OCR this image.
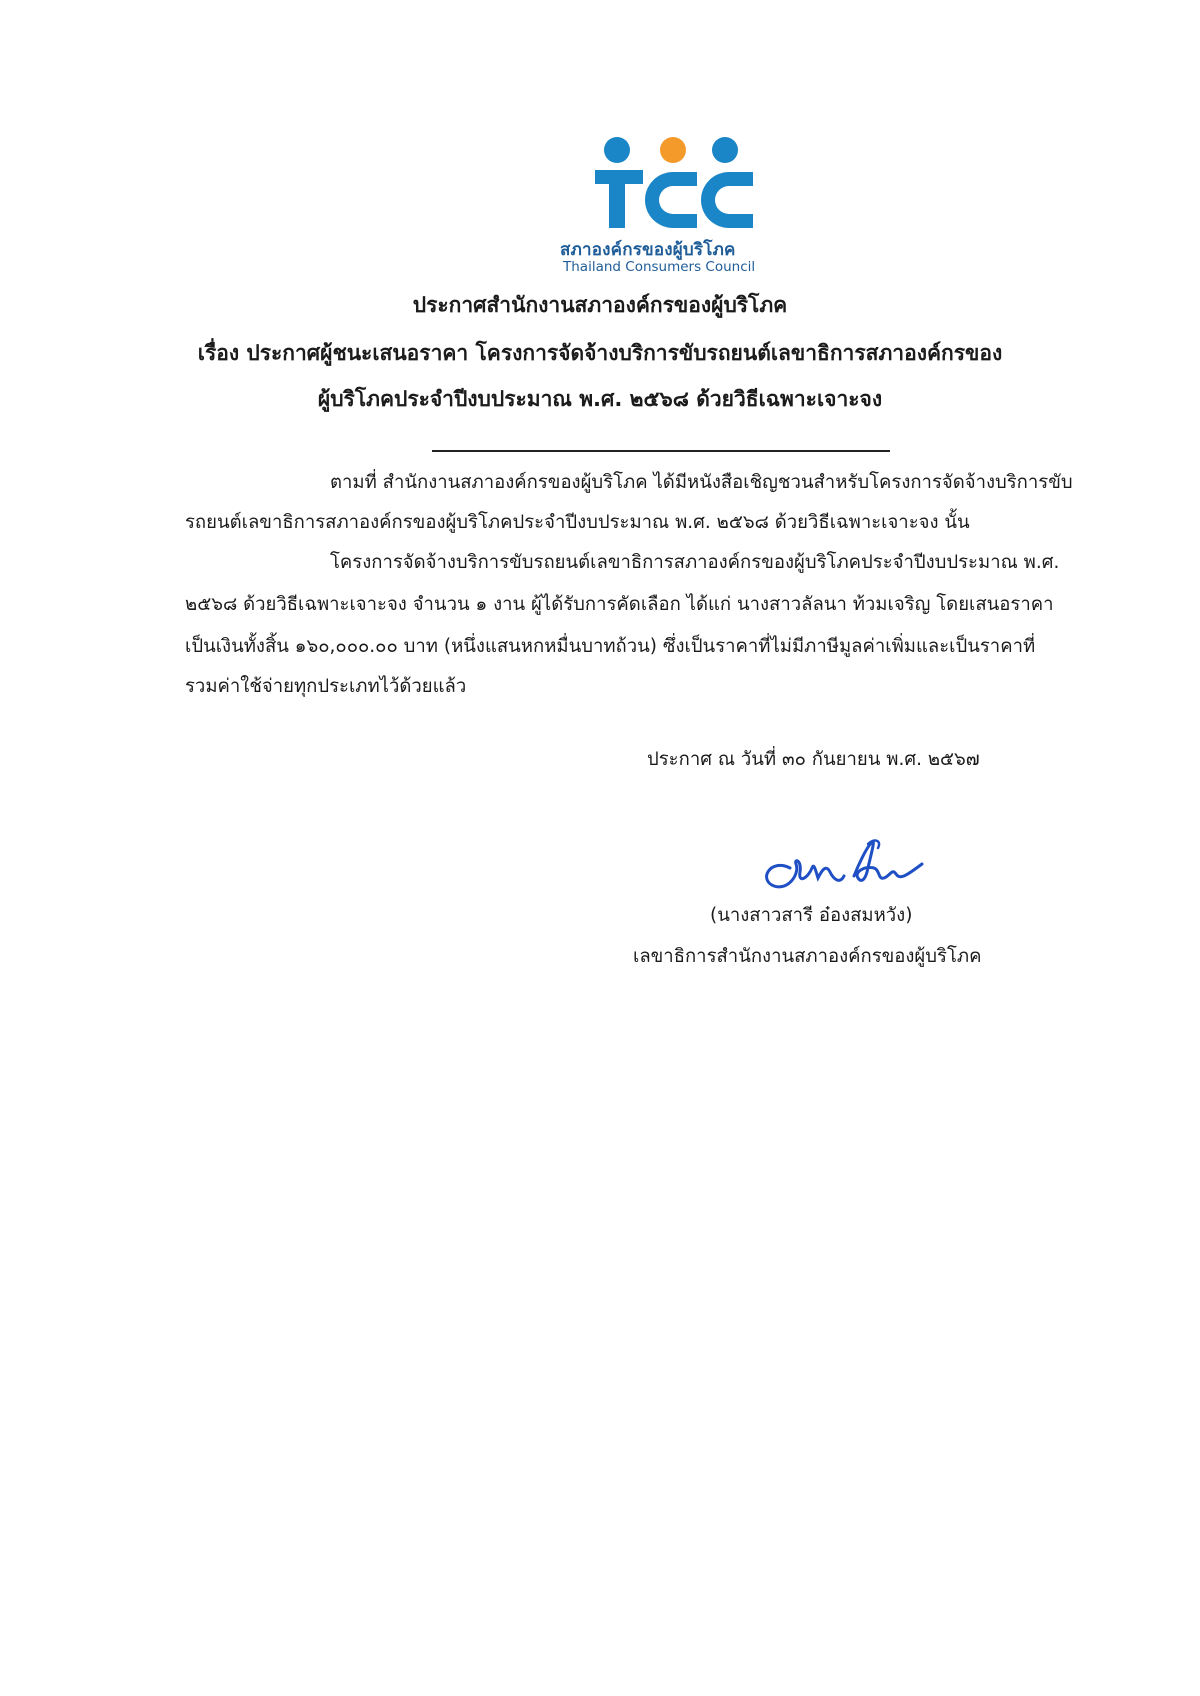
สภาองค์กรของผู้บริโภค
Thailand Consumers Council
ประกาศสำนักงานสภาองค์กรของผู้บริโภค
เรื่อง ประกาศผู้ชนะเสนอราคา โครงการจัดจ้างบริการขับรถยนต์เลขาธิการสภาองค์กรของ
ผู้บริโภคประจำปีงบประมาณ พ.ศ. ๒๕๖๘ ด้วยวิธีเฉพาะเจาะจง
ตามที่ สำนักงานสภาองค์กรของผู้บริโภค ได้มีหนังสือเชิญชวนสำหรับโครงการจัดจ้างบริการขับ
รถยนต์เลขาธิการสภาองค์กรของผู้บริโภคประจำปีงบประมาณ พ.ศ. ๒๕๖๘ ด้วยวิธีเฉพาะเจาะจง นั้น
โครงการจัดจ้างบริการขับรถยนต์เลขาธิการสภาองค์กรของผู้บริโภคประจำปีงบประมาณ พ.ศ.
๒๕๖๘ ด้วยวิธีเฉพาะเจาะจง จำนวน ๑ งาน ผู้ได้รับการคัดเลือก ได้แก่ นางสาวลัลนา ท้วมเจริญ โดยเสนอราคา
เป็นเงินทั้งสิ้น ๑๖๐,๐๐๐.๐๐ บาท (หนึ่งแสนหกหมื่นบาทถ้วน) ซึ่งเป็นราคาที่ไม่มีภาษีมูลค่าเพิ่มและเป็นราคาที่
รวมค่าใช้จ่ายทุกประเภทไว้ด้วยแล้ว
ประกาศ ณ วันที่ ๓๐ กันยายน พ.ศ. ๒๕๖๗
(นางสาวสารี อ๋องสมหวัง)
เลขาธิการสำนักงานสภาองค์กรของผู้บริโภค
